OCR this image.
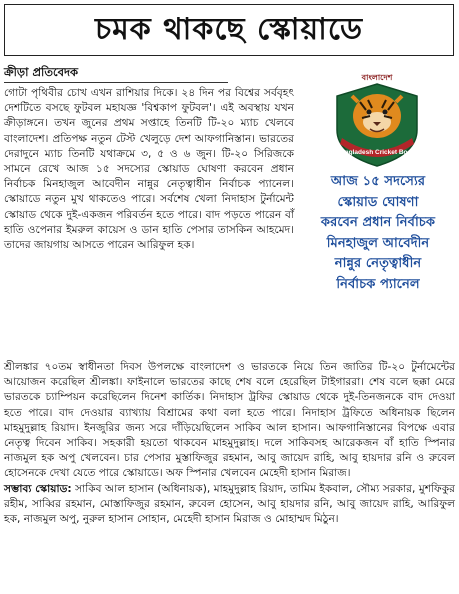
চমক থাকছে স্কোয়াডে
ক্রীড়া প্রতিবেদক

গোটা পৃথিবীর চোখ এখন রাশিয়ার দিকে। ২৪ দিন পর বিশ্বের সর্ববৃহৎ দেশটিতে বসছে ফুটবল মহাযজ্ঞ 'বিশ্বকাপ ফুটবল'। এই অবস্থায় যখন ক্রীড়াঙ্গনে। তখন জুনের প্রথম সপ্তাহে তিনটি টি-২০ ম্যাচ খেলবে বাংলাদেশ। প্রতিপক্ষ নতুন টেস্ট খেলুড়ে দেশ আফগানিস্তান। ভারতের দেরাদুনে ম্যাচ তিনটি যথাক্রমে ৩, ৫ ও ৬ জুন। টি-২০ সিরিজকে সামনে রেখে আজ ১৫ সদস্যের স্কোয়াড ঘোষণা করবেন প্রধান নির্বাচক মিনহাজুল আবেদীন নান্নুর নেতৃত্বাধীন নির্বাচক প্যানেল। স্কোয়াডে নতুন মুখ থাকতেও পারে। সর্বশেষ খেলা নিদাহাস টুর্নামেন্ট স্কোয়াড থেকে দুই-একজন পরিবর্তন হতে পারে। বাদ পড়তে পারেন বাঁ হাতি ওপেনার ইমরুল কায়েস ও ডান হাতি পেসার তাসকিন আহমেদ। তাদের জায়গায় আসতে পারেন আরিফুল হক।

বাংলাদেশ
Bangladesh Cricket Board
আজ ১৫ সদস্যের
স্কোয়াড ঘোষণা
করবেন প্রধান নির্বাচক
মিনহাজুল আবেদীন
নান্নুর নেতৃত্বাধীন
নির্বাচক প্যানেল
শ্রীলঙ্কার ৭০তম স্বাধীনতা দিবস উপলক্ষে বাংলাদেশ ও ভারতকে নিয়ে তিন জাতির টি-২০ টুর্নামেন্টের আয়োজন করেছিল শ্রীলঙ্কা। ফাইনালে ভারতের কাছে শেষ বলে হেরেছিল টাইগাররা। শেষ বলে ছক্কা মেরে ভারতকে চ্যাম্পিয়ন করেছিলেন দিনেশ কার্তিক। নিদাহাস ট্রফির স্কোয়াড থেকে দুই-তিনজনকে বাদ দেওয়া হতে পারে। বাদ দেওয়ার ব্যাখ্যায় বিশ্রামের কথা বলা হতে পারে। নিদাহাস ট্রফিতে অধিনায়ক ছিলেন মাহমুদুল্লাহ রিয়াদ। ইনজুরির জন্য সরে দাঁড়িয়েছিলেন সাকিব আল হাসান। আফগানিস্তানের বিপক্ষে এবার নেতৃত্ব দিবেন সাকিব। সহকারী হয়তো থাকবেন মাহমুদুল্লাহ। দলে সাকিবসহ আরেকজন বাঁ হাতি স্পিনার নাজমুল হক অপু খেলবেন। চার পেসার মুস্তাফিজুর রহমান, আবু জায়েদ রাহি, আবু হায়দার রনি ও রুবেল হোসেনকে দেখা যেতে পারে স্কোয়াডে। অফ স্পিনার খেলবেন মেহেদী হাসান মিরাজ।
সম্ভাব্য স্কোয়াড: সাকিব আল হাসান (অধিনায়ক), মাহমুদুল্লাহ রিয়াদ, তামিম ইকবাল, সৌম্য সরকার, মুশফিকুর রহীম, সাব্বির রহমান, মোস্তাফিজুর রহমান, রুবেল হোসেন, আবু হায়দার রনি, আবু জায়েদ রাহি, আরিফুল হক, নাজমুল অপু, নুরুল হাসান সোহান, মেহেদী হাসান মিরাজ ও মোহাম্মদ মিঠুন।
